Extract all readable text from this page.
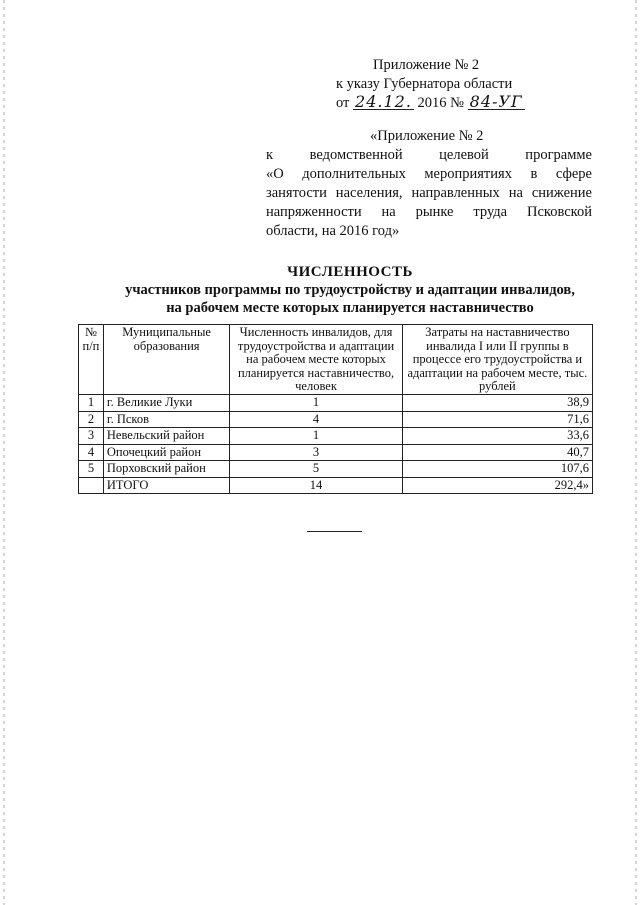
Приложение № 2
к указу Губернатора области
от 24.12. 2016 № 84-УГ
«Приложение № 2
к ведомственной целевой программе
«О дополнительных мероприятиях в сфере
занятости населения, направленных на снижение
напряженности на рынке труда Псковской
области, на 2016 год»
ЧИСЛЕННОСТЬ
участников программы по трудоустройству и адаптации инвалидов,
на рабочем месте которых планируется наставничество
№ п/п	Муниципальные образования	Численность инвалидов, для трудоустройства и адаптации на рабочем месте которых планируется наставничество, человек	Затраты на наставничество инвалида I или II группы в процессе его трудоустройства и адаптации на рабочем месте, тыс. рублей
1	г. Великие Луки	1	38,9
2	г. Псков	4	71,6
3	Невельский район	1	33,6
4	Опочецкий район	3	40,7
5	Порховский район	5	107,6
	ИТОГО	14	292,4»
